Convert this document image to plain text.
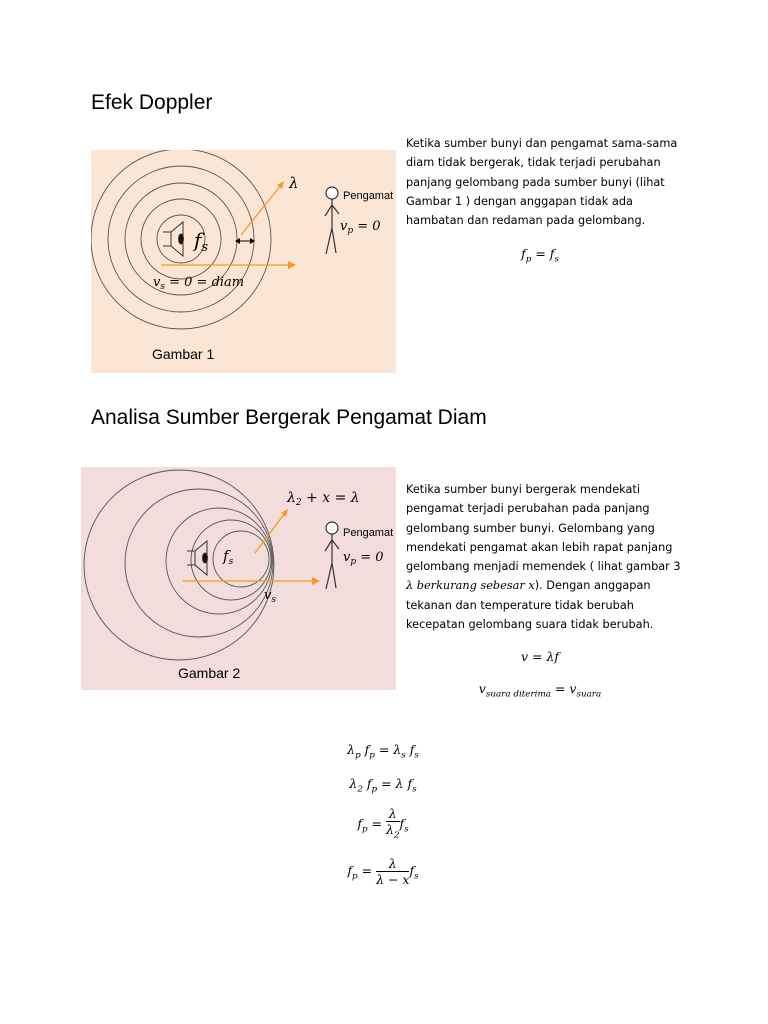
Efek Doppler
$f_s$
λ
$v_s = 0$ = diam
Pengamat
$v_p = 0$
Gambar 1

Ketika sumber bunyi dan pengamat sama-sama diam tidak bergerak, tidak terjadi perubahan panjang gelombang pada sumber bunyi (lihat Gambar 1 ) dengan anggapan tidak ada hambatan dan redaman pada gelombang.

$f_p = f_s$

Analisa Sumber Bergerak Pengamat Diam
$f_s$
$\lambda_2 + x = \lambda$
$v_s$
Pengamat
$v_p = 0$
Gambar 2

Ketika sumber bunyi bergerak mendekati pengamat terjadi perubahan pada panjang gelombang sumber bunyi. Gelombang yang mendekati pengamat akan lebih rapat panjang gelombang menjadi memendek ( lihat gambar 3 λ berkurang sebesar x). Dengan anggapan tekanan dan temperature tidak berubah kecepatan gelombang suara tidak berubah.

v = λf

$v_{suara diterima} = v_{suara}$

$\lambda_p$ $f_p = \lambda_s$ $f_s$

$\lambda_2$ $f_p = \lambda$ $f_s$

$f_p = \frac{\lambda}{\lambda_2} f_s$

$f_p = \frac{\lambda}{\lambda - x} f_s$
